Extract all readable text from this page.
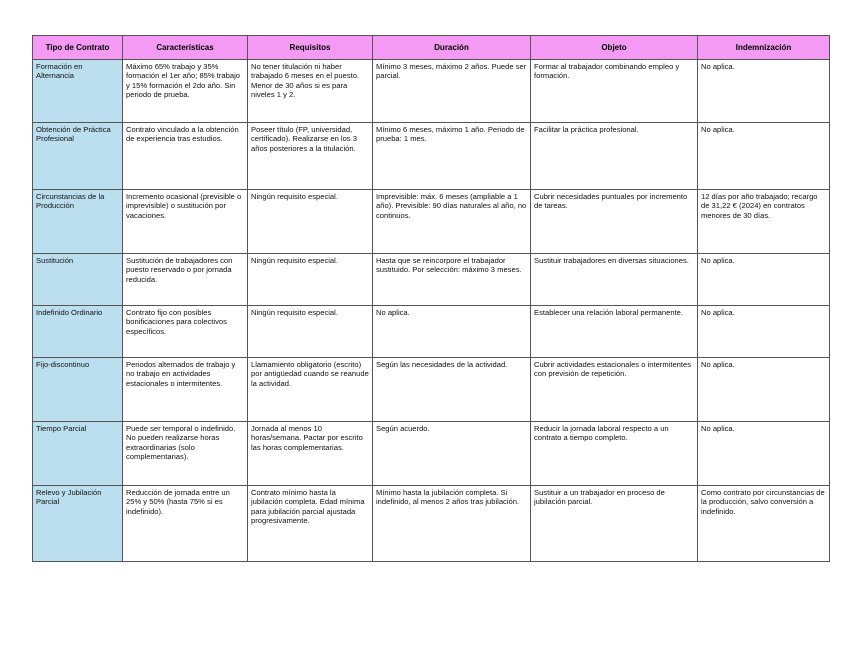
Tipo de Contrato	Características	Requisitos	Duración	Objeto	Indemnización
Formación en Alternancia	Máximo 65% trabajo y 35% formación el 1er año; 85% trabajo y 15% formación el 2do año. Sin periodo de prueba.	No tener titulación ni haber trabajado 6 meses en el puesto. Menor de 30 años si es para niveles 1 y 2.	Mínimo 3 meses, máximo 2 años. Puede ser parcial.	Formar al trabajador combinando empleo y formación.	No aplica.
Obtención de Práctica Profesional	Contrato vinculado a la obtención de experiencia tras estudios.	Poseer título (FP, universidad, certificado). Realizarse en los 3 años posteriores a la titulación.	Mínimo 6 meses, máximo 1 año. Periodo de prueba: 1 mes.	Facilitar la práctica profesional.	No aplica.
Circunstancias de la Producción	Incremento ocasional (previsible o imprevisible) o sustitución por vacaciones.	Ningún requisito especial.	Imprevisible: máx. 6 meses (ampliable a 1 año). Previsible: 90 días naturales al año, no continuos.	Cubrir necesidades puntuales por incremento de tareas.	12 días por año trabajado; recargo de 31,22 € (2024) en contratos menores de 30 días.
Sustitución	Sustitución de trabajadores con puesto reservado o por jornada reducida.	Ningún requisito especial.	Hasta que se reincorpore el trabajador sustituido. Por selección: máximo 3 meses.	Sustituir trabajadores en diversas situaciones.	No aplica.
Indefinido Ordinario	Contrato fijo con posibles bonificaciones para colectivos específicos.	Ningún requisito especial.	No aplica.	Establecer una relación laboral permanente.	No aplica.
Fijo-discontinuo	Periodos alternados de trabajo y no trabajo en actividades estacionales o intermitentes.	Llamamiento obligatorio (escrito) por antigüedad cuando se reanude la actividad.	Según las necesidades de la actividad.	Cubrir actividades estacionales o intermitentes con previsión de repetición.	No aplica.
Tiempo Parcial	Puede ser temporal o indefinido. No pueden realizarse horas extraordinarias (solo complementarias).	Jornada al menos 10 horas/semana. Pactar por escrito las horas complementarias.	Según acuerdo.	Reducir la jornada laboral respecto a un contrato a tiempo completo.	No aplica.
Relevo y Jubilación Parcial	Reducción de jornada entre un 25% y 50% (hasta 75% si es indefinido).	Contrato mínimo hasta la jubilación completa. Edad mínima para jubilación parcial ajustada progresivamente.	Mínimo hasta la jubilación completa. Si indefinido, al menos 2 años tras jubilación.	Sustituir a un trabajador en proceso de jubilación parcial.	Como contrato por circunstancias de la producción, salvo conversión a indefinido.
